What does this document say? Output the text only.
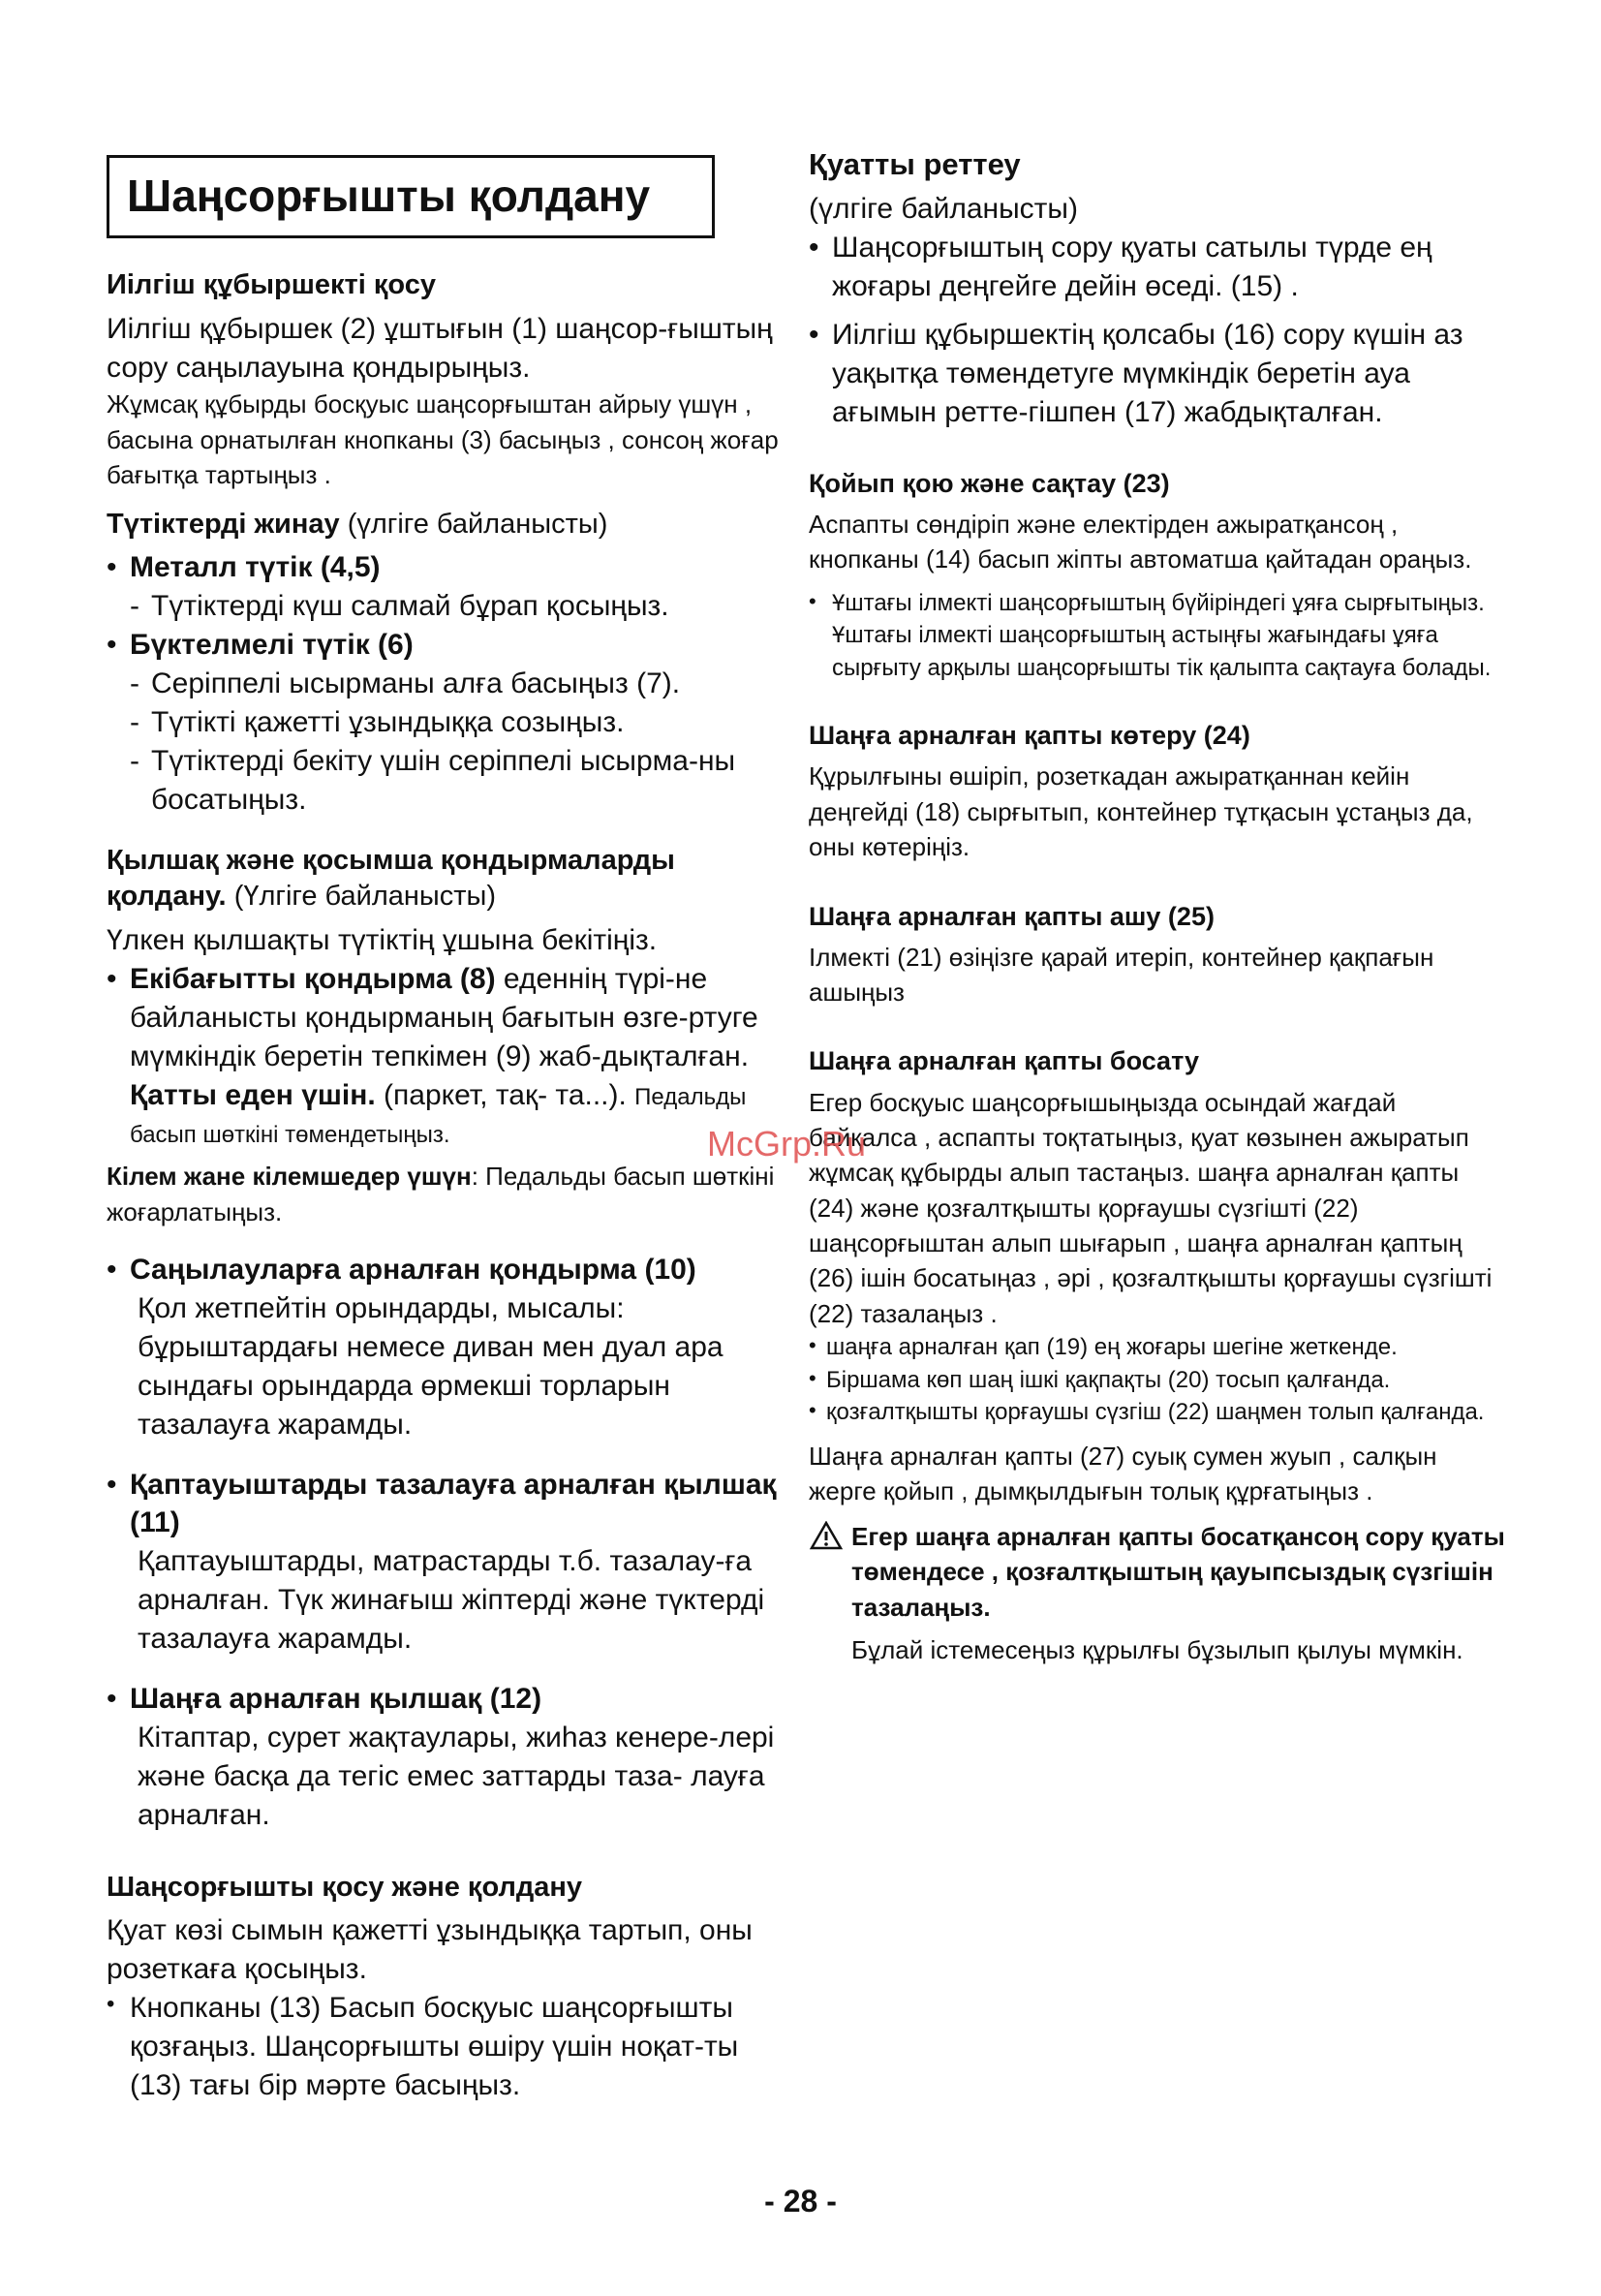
Шаңсорғышты қолдану
Иілгіш құбыршекті қосу

Иілгіш құбыршек (2) ұштығын (1) шаңсор-ғыштың сору саңылауына қондырыңыз.

Жұмсақ құбырды босқуыс шаңсорғыштан айрыу үшүн , басына орнатылған кнопканы (3) басыңыз , сонсоң жоғар бағытқа тартыңыз .

Түтіктерді жинау (үлгіге байланысты)
• Металл түтік (4,5)
- Түтіктерді күш салмай бұрап қосыңыз.
• Бүктелмелі түтік (6)
- Серіппелі ысырманы алға басыңыз (7).
- Түтікті қажетті ұзындыққа созыңыз.
- Түтіктерді бекіту үшін серіппелі ысырма-ны босатыңыз.
Қылшақ және қосымша қондырмаларды қолдану. (Үлгіге байланысты)

Үлкен қылшақты түтіктің ұшына бекітіңіз.

• Екібағытты қондырма (8) еденнің түрі-не байланысты қондырманың бағытын өзге-ртуге мүмкіндік беретін тепкімен (9) жаб-дықталған. Қатты еден үшін. (паркет, тақ- та...). Педальды басып шөткіні төмендетыңыз.

Кілем жане кілемшедер үшүн: Педальды басып шөткіні жоғарлатыңыз.

• Саңылауларға арналған қондырма (10)

Қол жетпейтін орындарды, мысалы: бұрыштардағы немесе диван мен дуал ара сындағы орындарда өрмекші торларын тазалауға жарамды.

• Қаптауыштарды тазалауға арналған қылшақ (11)

Қаптауыштарды, матрастарды т.б. тазалау-ға арналған. Түк жинағыш жіптерді және түктерді тазалауға жарамды.

• Шаңға арналған қылшақ (12)

Кітаптар, сурет жақтаулары, жиһаз кенере-лері және басқа да тегіс емес заттарды таза- лауға арналған.

Шаңсорғышты қосу және қолдану

Қуат көзі сымын қажетті ұзындыққа тартып, оны розеткаға қосыңыз.

• Кнопканы (13) Басып босқуыс шаңсорғышты қозғаңыз. Шаңсорғышты өшіру үшін ноқат-ты (13) тағы бір мәрте басыңыз.
Қуатты реттеу

(үлгіге байланысты)

• Шаңсорғыштың сору қуаты сатылы түрде ең жоғары деңгейге дейін өседі. (15) .
• Иілгіш құбыршектің қолсабы (16) сору күшін аз уақытқа төмендетуге мүмкіндік беретін ауа ағымын ретте-гішпен (17) жабдықталған.
Қойып қою және сақтау (23)

Аспапты сөндіріп және електірден ажыратқансоң , кнопканы (14) басып жіпты автоматша қайтадан ораңыз.

• Ұштағы ілмекті шаңсорғыштың бүйіріндегі ұяға сырғытыңыз. Ұштағы ілмекті шаңсорғыштың астыңғы жағындағы ұяға сырғыту арқылы шаңсорғышты тік қалыпта сақтауға болады.
Шаңға арналған қапты көтеру (24)

Құрылғыны өшіріп, розеткадан ажыратқаннан кейін деңгейді (18) сырғытып, контейнер тұтқасын ұстаңыз да, оны көтеріңіз.

Шаңға арналған қапты ашу (25)

Ілмекті (21) өзіңізге қарай итеріп, контейнер қақпағын ашыңыз

Шаңға арналған қапты босату

Егер босқуыс шаңсорғышыңызда осындай жағдай байқалса , аспапты тоқтатыңыз, қуат көзынен ажыратып жұмсақ құбырды алып тастаңыз. шаңға арналған қапты (24) және қозғалтқышты қорғаушы сүзгішті (22) шаңсорғыштан алып шығарып , шаңға арналған қаптың (26) ішін босатыңаз , әрі , қозғалтқышты қорғаушы сүзгішті (22) тазалаңыз .

• шаңға арналған қап (19) ең жоғары шегіне жеткенде.
• Біршама көп шаң ішкі қақпақты (20) тосып қалғанда.
• қозғалтқышты қорғаушы сүзгіш (22) шаңмен толып қалғанда.

Шаңға арналған қапты (27) суық сумен жуып , салқын жерге қойып , дымқылдығын толық құрғатыңыз .

Егер шаңға арналған қапты босатқансоң сору қуаты төмендесе , қозғалтқыштың қауыпсыздық сүзгішін тазалаңыз.

Бұлай істемесеңыз құрылғы бұзылып қылуы мүмкін.

McGrp.Ru
- 28 -
